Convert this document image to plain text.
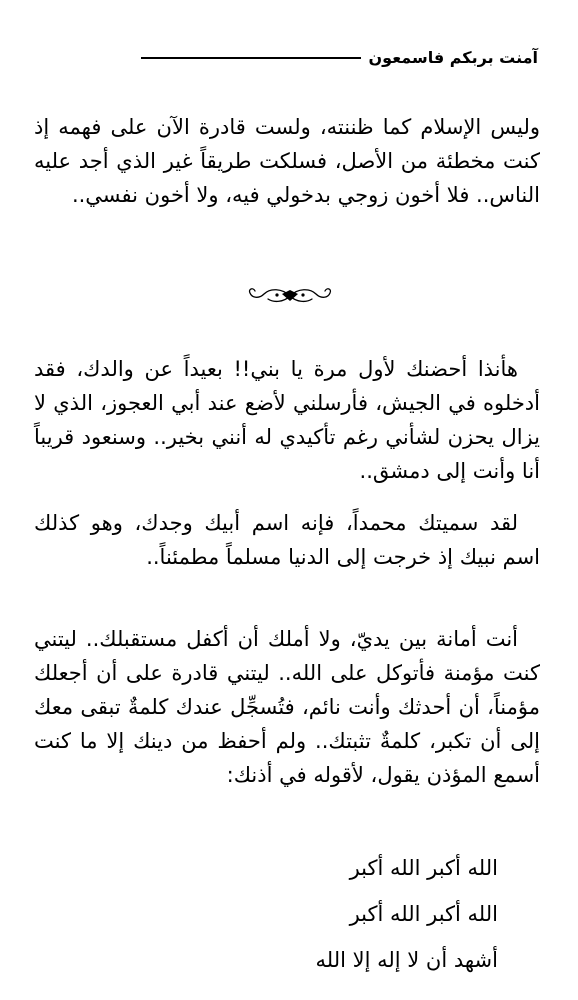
آمنت بربكم فاسمعون

وليس الإسلام كما ظننته، ولست قادرة الآن على فهمه إذ كنت مخطئة من الأصل، فسلكت طريقاً غير الذي أجد عليه الناس.. فلا أخون زوجي بدخولي فيه، ولا أخون نفسي..

هأنذا أحضنك لأول مرة يا بني!! بعيداً عن والدك، فقد أدخلوه في الجيش، فأرسلني لأضع عند أبي العجوز، الذي لا يزال يحزن لشأني رغم تأكيدي له أنني بخير.. وسنعود قريباً أنا وأنت إلى دمشق..

لقد سميتك محمداً، فإنه اسم أبيك وجدك، وهو كذلك اسم نبيك إذ خرجت إلى الدنيا مسلماً مطمئناً..

أنت أمانة بين يديّ، ولا أملك أن أكفل مستقبلك.. ليتني كنت مؤمنة فأتوكل على الله.. ليتني قادرة على أن أجعلك مؤمناً، أن أحدثك وأنت نائم، فتُسجِّل عندك كلمةٌ تبقى معك إلى أن تكبر، كلمةٌ تثبتك.. ولم أحفظ من دينك إلا ما كنت أسمع المؤذن يقول، لأقوله في أذنك:

الله أكبر الله أكبر
الله أكبر الله أكبر
أشهد أن لا إله إلا الله
